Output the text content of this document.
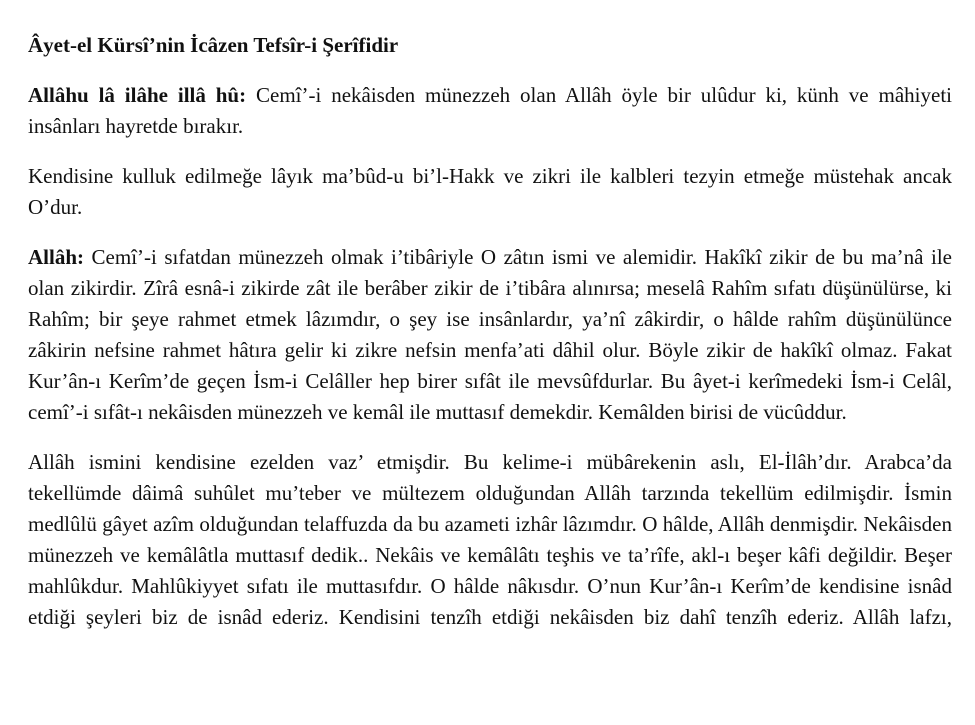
Âyet-el Kürsî’nin İcâzen Tefsîr-i Şerîfidir

Allâhu lâ ilâhe illâ hû: Cemî’-i nekâisden münezzeh olan Allâh öyle bir ulûdur ki, künh ve mâhiyeti insânları hayretde bırakır.

Kendisine kulluk edilmeğe lâyık ma’bûd-u bi’l-Hakk ve zikri ile kalbleri tezyin etmeğe müstehak ancak O’dur.

Allâh: Cemî’-i sıfatdan münezzeh olmak i’tibâriyle O zâtın ismi ve alemidir. Hakîkî zikir de bu ma’nâ ile olan zikirdir. Zîrâ esnâ-i zikirde zât ile berâber zikir de i’tibâra alınırsa; meselâ Rahîm sıfatı düşünülürse, ki Rahîm; bir şeye rahmet etmek lâzımdır, o şey ise insânlardır, ya’nî zâkirdir, o hâlde rahîm düşünülünce zâkirin nefsine rahmet hâtıra gelir ki zikre nefsin menfa’ati dâhil olur. Böyle zikir de hakîkî olmaz. Fakat Kur’ân-ı Kerîm’de geçen İsm-i Celâller hep birer sıfât ile mevsûfdurlar. Bu âyet-i kerîmedeki İsm-i Celâl, cemî’-i sıfât-ı nekâisden münezzeh ve kemâl ile muttasıf demekdir. Kemâlden birisi de vücûddur.

Allâh ismini kendisine ezelden vaz’ etmişdir. Bu kelime-i mübârekenin aslı, El-İlâh’dır. Arabca’da tekellümde dâimâ suhûlet mu’teber ve mültezem olduğundan Allâh tarzında tekellüm edilmişdir. İsmin medlûlü gâyet azîm olduğundan telaffuzda da bu azameti izhâr lâzımdır. O hâlde, Allâh denmişdir. Nekâisden münezzeh ve kemâlâtla muttasıf dedik.. Nekâis ve kemâlâtı teşhis ve ta’rîfe, akl-ı beşer kâfi değildir. Beşer mahlûkdur. Mahlûkiyyet sıfatı ile muttasıfdır. O hâlde nâkısdır. O’nun Kur’ân-ı Kerîm’de kendisine isnâd etdiği şeyleri biz de isnâd ederiz. Kendisini tenzîh etdiği nekâisden biz dahî tenzîh ederiz. Allâh lafzı,
